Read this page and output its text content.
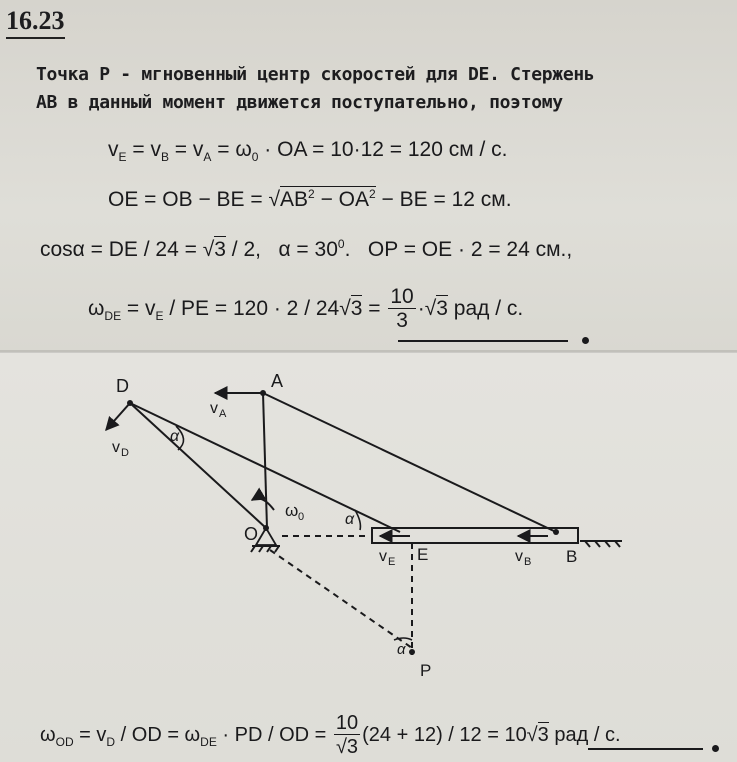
16.23
Точка P - мгновенный центр скоростей для DE. Стержень
AB в данный момент движется поступательно, поэтому
$v_E = v_B = v_A = \omega_0$ · OA = 10·12 = 120 см / с.
OE = OB − BE = $√AB^2 - OA^2$ − BE = 12 см.
cosα = DE / 24 = √3 / 2,   $\alpha = 30^0$.   OP = OE · 2 = 24 см.,
$\omega_{DE} = v_E$ / PE = $120 \cdot 2 / 24√3 = \frac{10}{3} \cdot√3$ рад / с.
D	A
O
E	B
P
v D
v A
v E	v B
α
α
α
ω 0
$\omega_{OD} = v_D$ / OD = $\omega_{DE}$ · PD / OD = $\frac{10}{√3} (24 + 12) / 12 = 10√3$ рад / с.
